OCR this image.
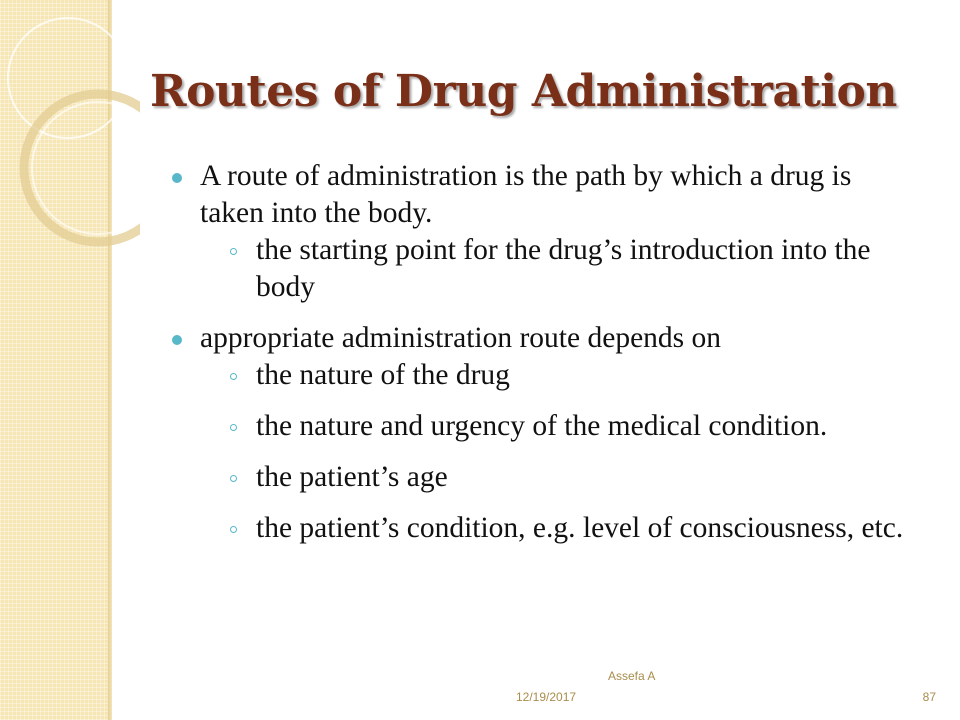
Routes of Drug Administration
A route of administration is the path by which a drug is taken into the body.
the starting point for the drug’s introduction into the body
appropriate administration route depends on
the nature of the drug
the nature and urgency of the medical condition.
the patient’s age
the patient’s condition, e.g. level of consciousness, etc.
Assefa A
12/19/2017	87
